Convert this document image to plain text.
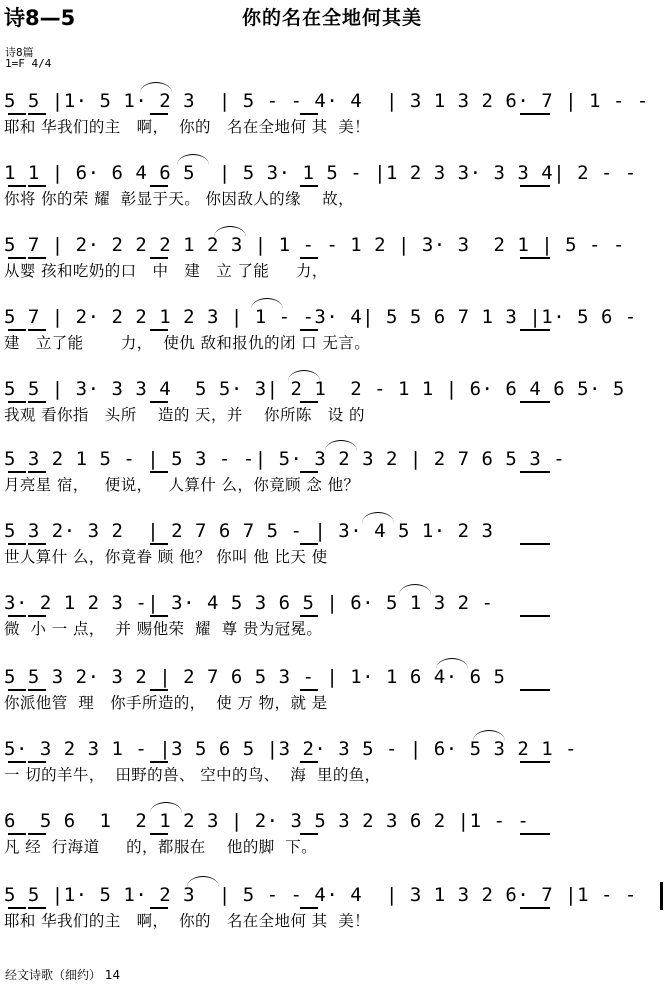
诗8—5	你的名在全地何其美
诗8篇
1=F 4/4
5 5 |1· 5 1· 2 3  | 5 - - 4· 4  | 3 1 3 2 6· 7 | 1 - -
耶和 华我们的主   啊，  你的   名在全地何 其  美！
1 1 | 6· 6 4 6 5  | 5 3· 1 5 - |1 2 3 3· 3 3 4| 2 - -
你将 你的荣 耀  彰显于天。 你因敌人的缘    故，
5 7 | 2· 2 2 2 1 2 3 | 1 - - 1 2 | 3· 3  2 1 | 5 - -
从婴 孩和吃奶的口   中   建   立 了能     力，
5 7 | 2· 2 2 1 2 3 | 1 - -3· 4| 5 5 6 7 1 3 |1· 5 6 -
建   立了能       力，  使仇 敌和报仇的闭 口 无言。
5 5 | 3· 3 3 4  5 5· 3| 2 1  2 - 1 1 | 6· 6 4 6 5· 5
我观 看你指   头所    造的 天，并    你所陈   设 的
5 3 2 1 5 - | 5 3 - -| 5· 3 2 3 2 | 2 7 6 5 3 -
月亮星 宿，   便说，   人算什 么，你竟顾 念 他？
5 3 2· 3 2  | 2 7 6 7 5 - | 3· 4 5 1· 2 3
世人算什 么，你竟眷 顾 他？ 你叫 他 比天 使
3· 2 1 2 3 -| 3· 4 5 3 6 5 | 6· 5 1 3 2 -
微  小 一 点，  并 赐他荣  耀  尊 贵为冠冕。
5 5 3 2· 3 2 | 2 7 6 5 3 - | 1· 1 6 4· 6 5
你派他管  理   你手所造的，  使 万 物，就 是
5· 3 2 3 1 - |3 5 6 5 |3 2· 3 5 - | 6· 5 3 2 1 -
一 切的羊牛，  田野的兽、 空中的鸟、  海  里的鱼，
6  5 6  1  2 1 2 3 | 2· 3 5 3 2 3 6 2 |1 - -
凡 经  行海道     的，都服在    他的脚  下。
5 5 |1· 5 1· 2 3  | 5 - - 4· 4  | 3 1 3 2 6· 7 |1 - -
耶和 华我们的主   啊，  你的   名在全地何 其  美！
经文诗歌（细约） 14
